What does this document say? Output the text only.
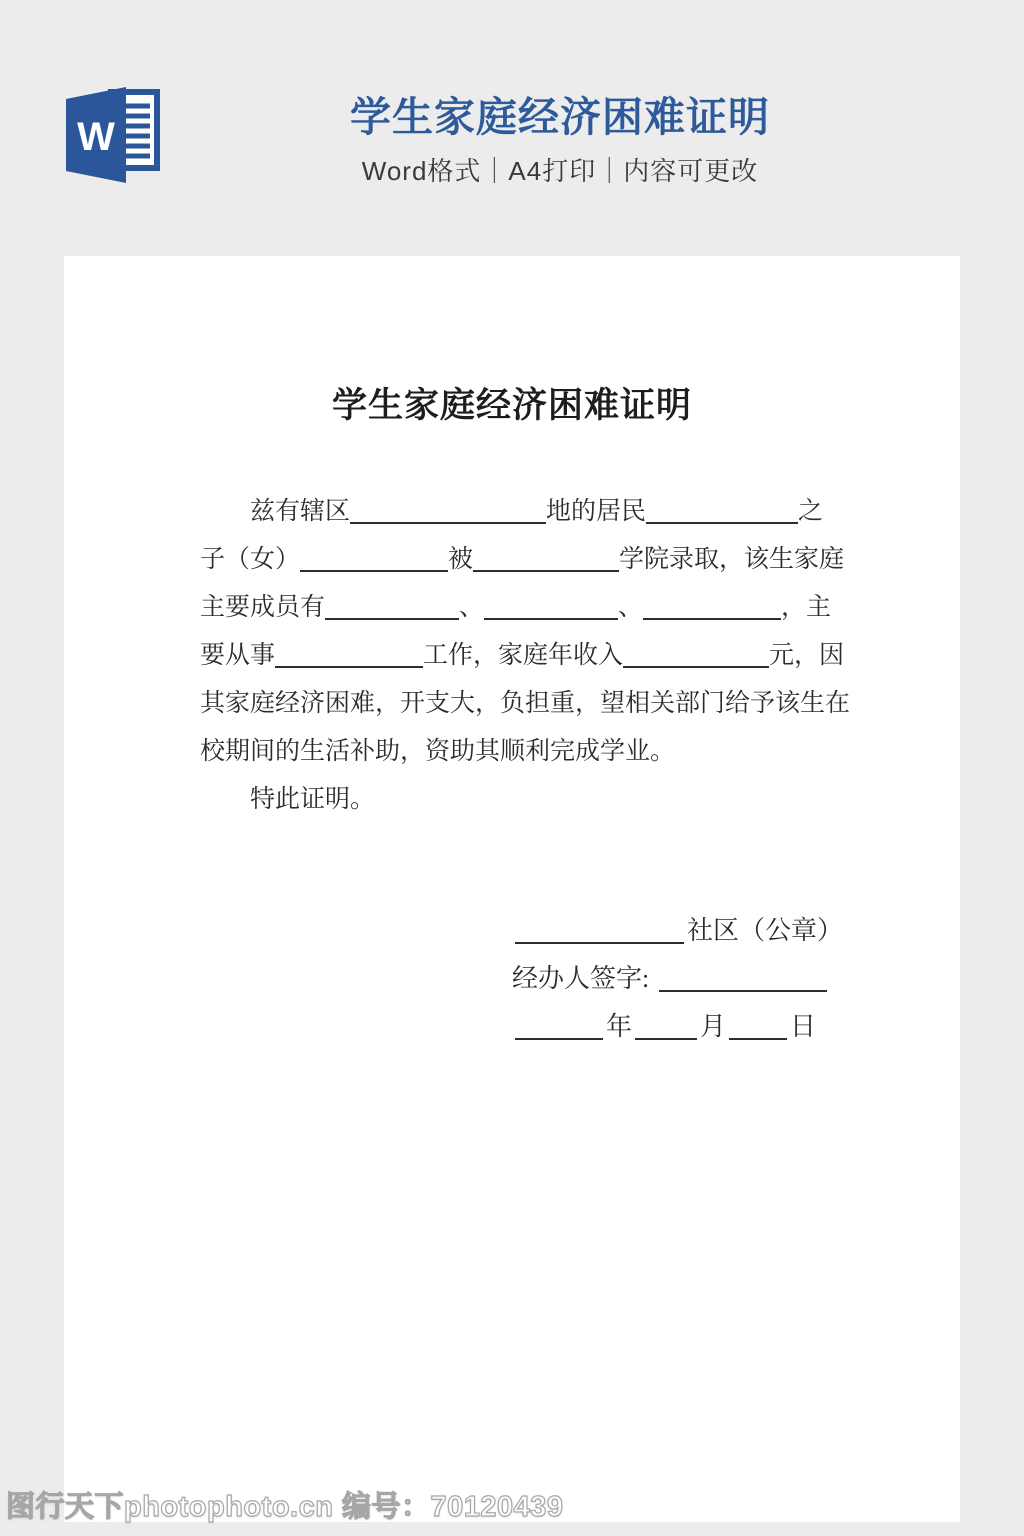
W	学生家庭经济困难证明
Word格式｜A4打印｜内容可更改
学生家庭经济困难证明
兹有辖区	地的居民	之
子（女）	被	学院录取，该生家庭
主要成员有	、	、	，主
要从事	工作，家庭年收入	元，因
其家庭经济困难，开支大，负担重，望相关部门给予该生在
校期间的生活补助，资助其顺利完成学业。
特此证明。
社区（公章）
经办人签字:
年	月 日
图行天下photophoto.cn 编号：70120439
